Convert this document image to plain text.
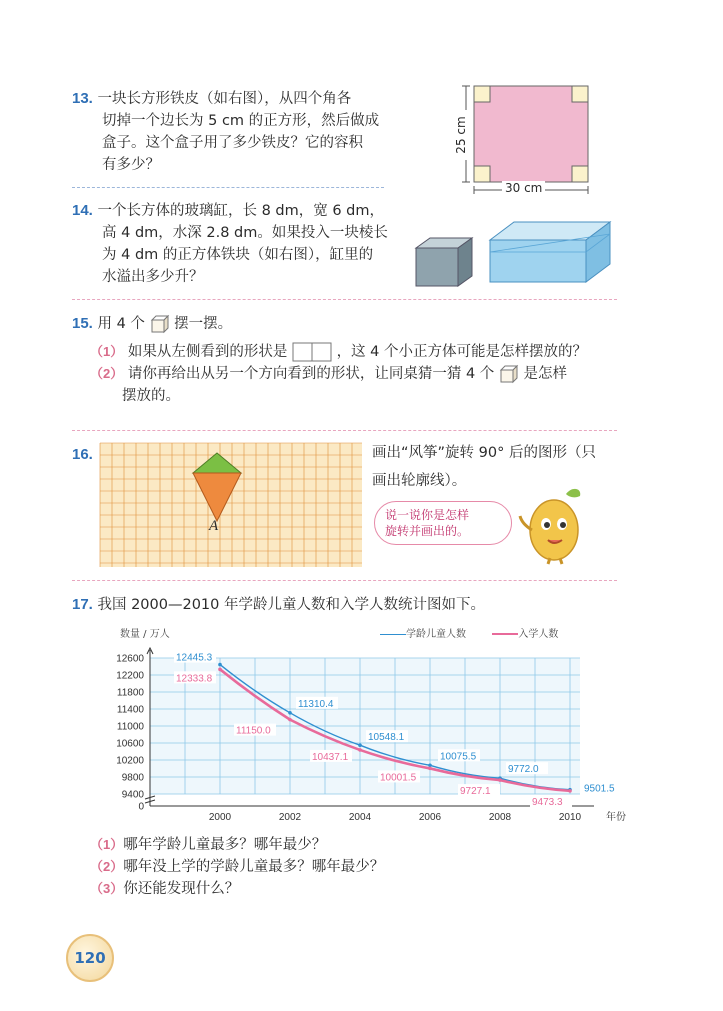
13. 一块长方形铁皮（如右图），从四个角各
切掉一个边长为 5 cm 的正方形，然后做成
盒子。这个盒子用了多少铁皮？它的容积
有多少？
25 cm
30 cm
14. 一个长方体的玻璃缸，长 8 dm，宽 6 dm，
高 4 dm，水深 2.8 dm。如果投入一块棱长
为 4 dm 的正方体铁块（如右图），缸里的
水溢出多少升？
15. 用 4 个 摆一摆。
（1） 如果从左侧看到的形状是	，这 4 个小正方体可能是怎样摆放的？
（2） 请你再给出从另一个方向看到的形状，让同桌猜一猜 4 个 是怎样
摆放的。
16.
A
画出“风筝”旋转 90° 后的图形（只
画出轮廓线）。
说一说你是怎样
旋转并画出的。
17. 我国 2000—2010 年学龄儿童人数和入学人数统计图如下。
数量 / 万人	学龄儿童人数	入学人数
0
9400
9800
10200
10600
11000
11400
11800
12200
12600
2000	2002	2004	2006	2008	2010 年份
12445.3
11310.4
10548.1
10075.5
9772.0
9501.5
12333.8
11150.0
10437.1
10001.5
9727.1
9473.3
（1）哪年学龄儿童最多？哪年最少？
（2）哪年没上学的学龄儿童最多？哪年最少？
（3）你还能发现什么？
120
